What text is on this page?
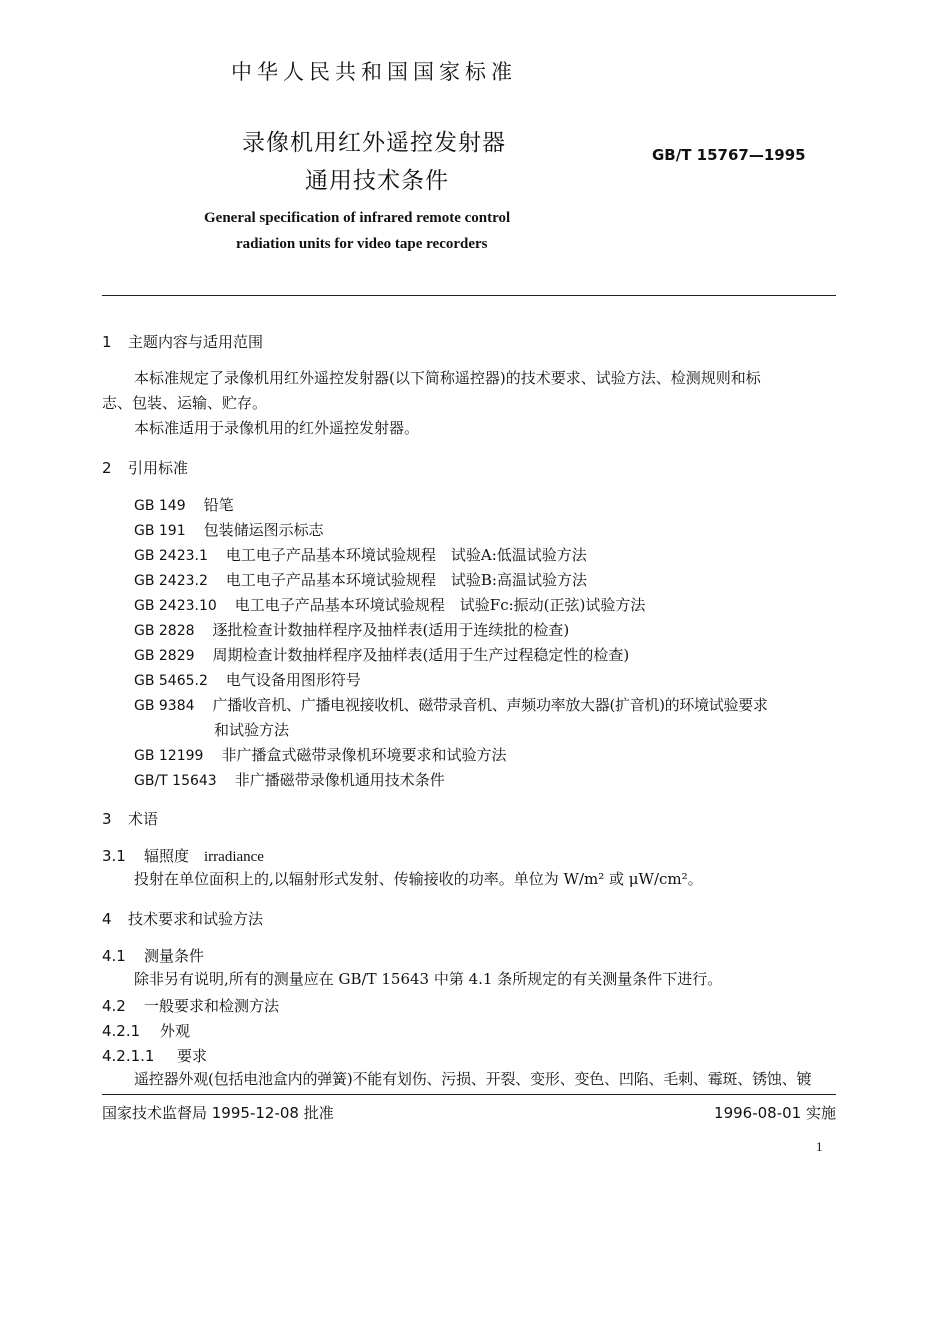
中华人民共和国国家标准
录像机用红外遥控发射器
通用技术条件
GB/T 15767—1995
General specification of infrared remote control
radiation units for video tape recorders
1 主题内容与适用范围
本标准规定了录像机用红外遥控发射器(以下简称遥控器)的技术要求、试验方法、检测规则和标
志、包装、运输、贮存。
本标准适用于录像机用的红外遥控发射器。
2 引用标准
GB 149 铅笔
GB 191 包装储运图示标志
GB 2423.1 电工电子产品基本环境试验规程　试验A:低温试验方法
GB 2423.2 电工电子产品基本环境试验规程　试验B:高温试验方法
GB 2423.10 电工电子产品基本环境试验规程　试验Fc:振动(正弦)试验方法
GB 2828 逐批检查计数抽样程序及抽样表(适用于连续批的检查)
GB 2829 周期检查计数抽样程序及抽样表(适用于生产过程稳定性的检查)
GB 5465.2 电气设备用图形符号
GB 9384 广播收音机、广播电视接收机、磁带录音机、声频功率放大器(扩音机)的环境试验要求
和试验方法
GB 12199 非广播盒式磁带录像机环境要求和试验方法
GB/T 15643 非广播磁带录像机通用技术条件
3 术语
3.1 辐照度　irradiance
投射在单位面积上的,以辐射形式发射、传输接收的功率。单位为 W/m² 或 μW/cm²。
4 技术要求和试验方法
4.1 测量条件
除非另有说明,所有的测量应在 GB/T 15643 中第 4.1 条所规定的有关测量条件下进行。
4.2 一般要求和检测方法
4.2.1 外观
4.2.1.1 要求
遥控器外观(包括电池盒内的弹簧)不能有划伤、污损、开裂、变形、变色、凹陷、毛刺、霉斑、锈蚀、镀
国家技术监督局 1995-12-08 批准	1996-08-01 实施
1
